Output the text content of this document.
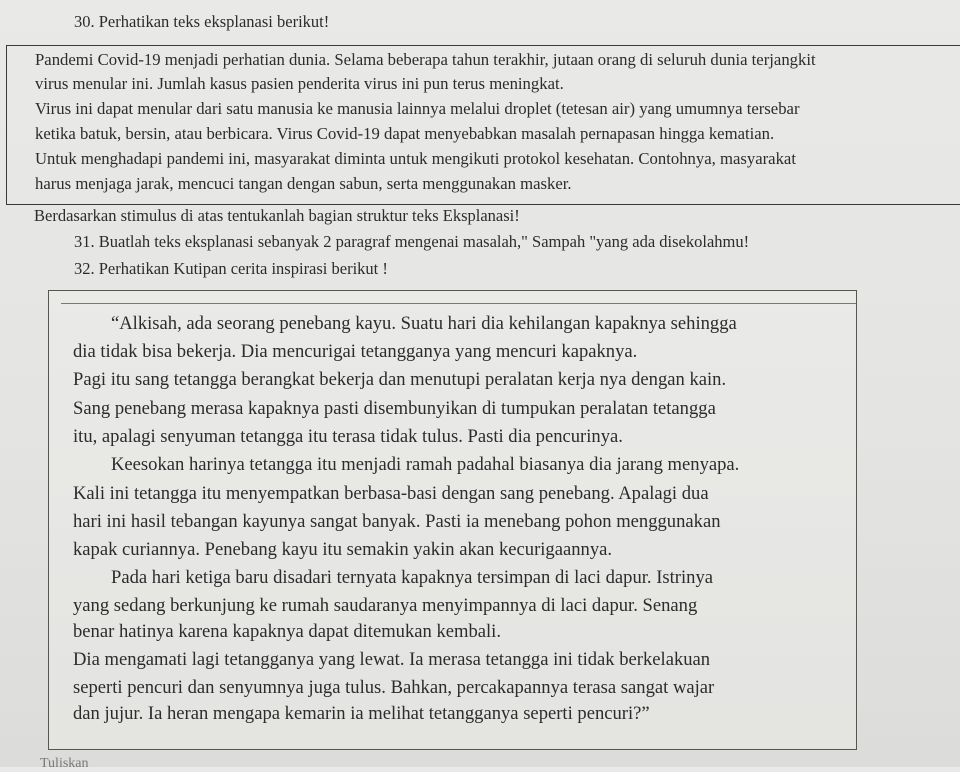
30. Perhatikan teks eksplanasi berikut!

Pandemi Covid-19 menjadi perhatian dunia. Selama beberapa tahun terakhir, jutaan orang di seluruh dunia terjangkit

virus menular ini. Jumlah kasus pasien penderita virus ini pun terus meningkat.

Virus ini dapat menular dari satu manusia ke manusia lainnya melalui droplet (tetesan air) yang umumnya tersebar

ketika batuk, bersin, atau berbicara. Virus Covid-19 dapat menyebabkan masalah pernapasan hingga kematian.

Untuk menghadapi pandemi ini, masyarakat diminta untuk mengikuti protokol kesehatan. Contohnya, masyarakat

harus menjaga jarak, mencuci tangan dengan sabun, serta menggunakan masker.

Berdasarkan stimulus di atas tentukanlah bagian struktur teks Eksplanasi!
31. Buatlah teks eksplanasi sebanyak 2 paragraf mengenai masalah," Sampah "yang ada disekolahmu!
32. Perhatikan Kutipan cerita inspirasi berikut !

“Alkisah, ada seorang penebang kayu. Suatu hari dia kehilangan kapaknya sehingga

dia tidak bisa bekerja. Dia mencurigai tetangganya yang mencuri kapaknya.

Pagi itu sang tetangga berangkat bekerja dan menutupi peralatan kerja nya dengan kain.

Sang penebang merasa kapaknya pasti disembunyikan di tumpukan peralatan tetangga

itu, apalagi senyuman tetangga itu terasa tidak tulus. Pasti dia pencurinya.

Keesokan harinya tetangga itu menjadi ramah padahal biasanya dia jarang menyapa.

Kali ini tetangga itu menyempatkan berbasa-basi dengan sang penebang. Apalagi dua

hari ini hasil tebangan kayunya sangat banyak. Pasti ia menebang pohon menggunakan

kapak curiannya. Penebang kayu itu semakin yakin akan kecurigaannya.

Pada hari ketiga baru disadari ternyata kapaknya tersimpan di laci dapur. Istrinya

yang sedang berkunjung ke rumah saudaranya menyimpannya di laci dapur. Senang

benar hatinya karena kapaknya dapat ditemukan kembali.

Dia mengamati lagi tetangganya yang lewat. Ia merasa tetangga ini tidak berkelakuan

seperti pencuri dan senyumnya juga tulus. Bahkan, percakapannya terasa sangat wajar

dan jujur. Ia heran mengapa kemarin ia melihat tetangganya seperti pencuri?”

Tuliskan
